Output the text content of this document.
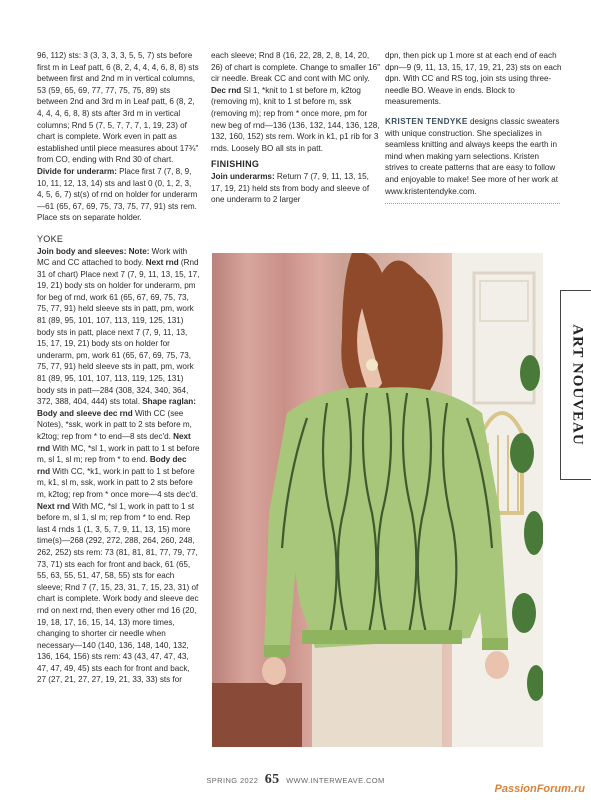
96, 112) sts: 3 (3, 3, 3, 3, 5, 5, 7) sts before first m in Leaf patt, 6 (8, 2, 4, 4, 4, 6, 8, 8) sts between first and 2nd m in vertical columns, 53 (59, 65, 69, 77, 77, 75, 75, 89) sts between 2nd and 3rd m in Leaf patt, 6 (8, 2, 4, 4, 4, 6, 8, 8) sts after 3rd m in vertical columns; Rnd 5 (7, 5, 7, 7, 7, 1, 19, 23) of chart is complete. Work even in patt as established until piece measures about 17¾" from CO, ending with Rnd 30 of chart. Divide for underarm: Place first 7 (7, 8, 9, 10, 11, 12, 13, 14) sts and last 0 (0, 1, 2, 3, 4, 5, 6, 7) st(s) of rnd on holder for underarm—61 (65, 67, 69, 75, 73, 75, 77, 91) sts rem. Place sts on separate holder.

YOKE

Join body and sleeves: Note: Work with MC and CC attached to body. Next rnd (Rnd 31 of chart) Place next 7 (7, 9, 11, 13, 15, 17, 19, 21) body sts on holder for underarm, pm for beg of rnd, work 61 (65, 67, 69, 75, 73, 75, 77, 91) held sleeve sts in patt, pm, work 81 (89, 95, 101, 107, 113, 119, 125, 131) body sts in patt, place next 7 (7, 9, 11, 13, 15, 17, 19, 21) body sts on holder for underarm, pm, work 61 (65, 67, 69, 75, 73, 75, 77, 91) held sleeve sts in patt, pm, work 81 (89, 95, 101, 107, 113, 119, 125, 131) body sts in patt—284 (308, 324, 340, 364, 372, 388, 404, 444) sts total. Shape raglan: Body and sleeve dec rnd With CC (see Notes), *ssk, work in patt to 2 sts before m, k2tog; rep from * to end—8 sts dec'd. Next rnd With MC, *sl 1, work in patt to 1 st before m, sl 1, sl m; rep from * to end. Body dec rnd With CC, *k1, work in patt to 1 st before m, k1, sl m, ssk, work in patt to 2 sts before m, k2tog; rep from * once more—4 sts dec'd. Next rnd With MC, *sl 1, work in patt to 1 st before m, sl 1, sl m; rep from * to end. Rep last 4 rnds 1 (1, 3, 5, 7, 9, 11, 13, 15) more time(s)—268 (292, 272, 288, 264, 260, 248, 262, 252) sts rem: 73 (81, 81, 81, 77, 79, 77, 73, 71) sts each for front and back, 61 (65, 55, 63, 55, 51, 47, 58, 55) sts for each sleeve; Rnd 7 (7, 15, 23, 31, 7, 15, 23, 31) of chart is complete. Work body and sleeve dec rnd on next rnd, then every other rnd 16 (20, 19, 18, 17, 16, 15, 14, 13) more times, changing to shorter cir needle when necessary—140 (140, 136, 148, 140, 132, 136, 164, 156) sts rem: 43 (43, 47, 47, 43, 47, 47, 49, 45) sts each for front and back, 27 (27, 21, 27, 27, 19, 21, 33, 33) sts for

each sleeve; Rnd 8 (16, 22, 28, 2, 8, 14, 20, 26) of chart is complete. Change to smaller 16" cir needle. Break CC and cont with MC only. Dec rnd Sl 1, *knit to 1 st before m, k2tog (removing m), knit to 1 st before m, ssk (removing m); rep from * once more, pm for new beg of rnd—136 (136, 132, 144, 136, 128, 132, 160, 152) sts rem. Work in k1, p1 rib for 3 rnds. Loosely BO all sts in patt.

FINISHING

Join underarms: Return 7 (7, 9, 11, 13, 15, 17, 19, 21) held sts from body and sleeve of one underarm to 2 larger

dpn, then pick up 1 more st at each end of each dpn—9 (9, 11, 13, 15, 17, 19, 21, 23) sts on each dpn. With CC and RS tog, join sts using three-needle BO. Weave in ends. Block to measurements.

KRISTEN TENDYKE designs classic sweaters with unique construction. She specializes in seamless knitting and always keeps the earth in mind when making yarn selections. Kristen strives to create patterns that are easy to follow and enjoyable to make! See more of her work at www.kristentendyke.com.

ART NOUVEAU
SPRING 2022 65 WWW.INTERWEAVE.COM
PassionForum.ru
